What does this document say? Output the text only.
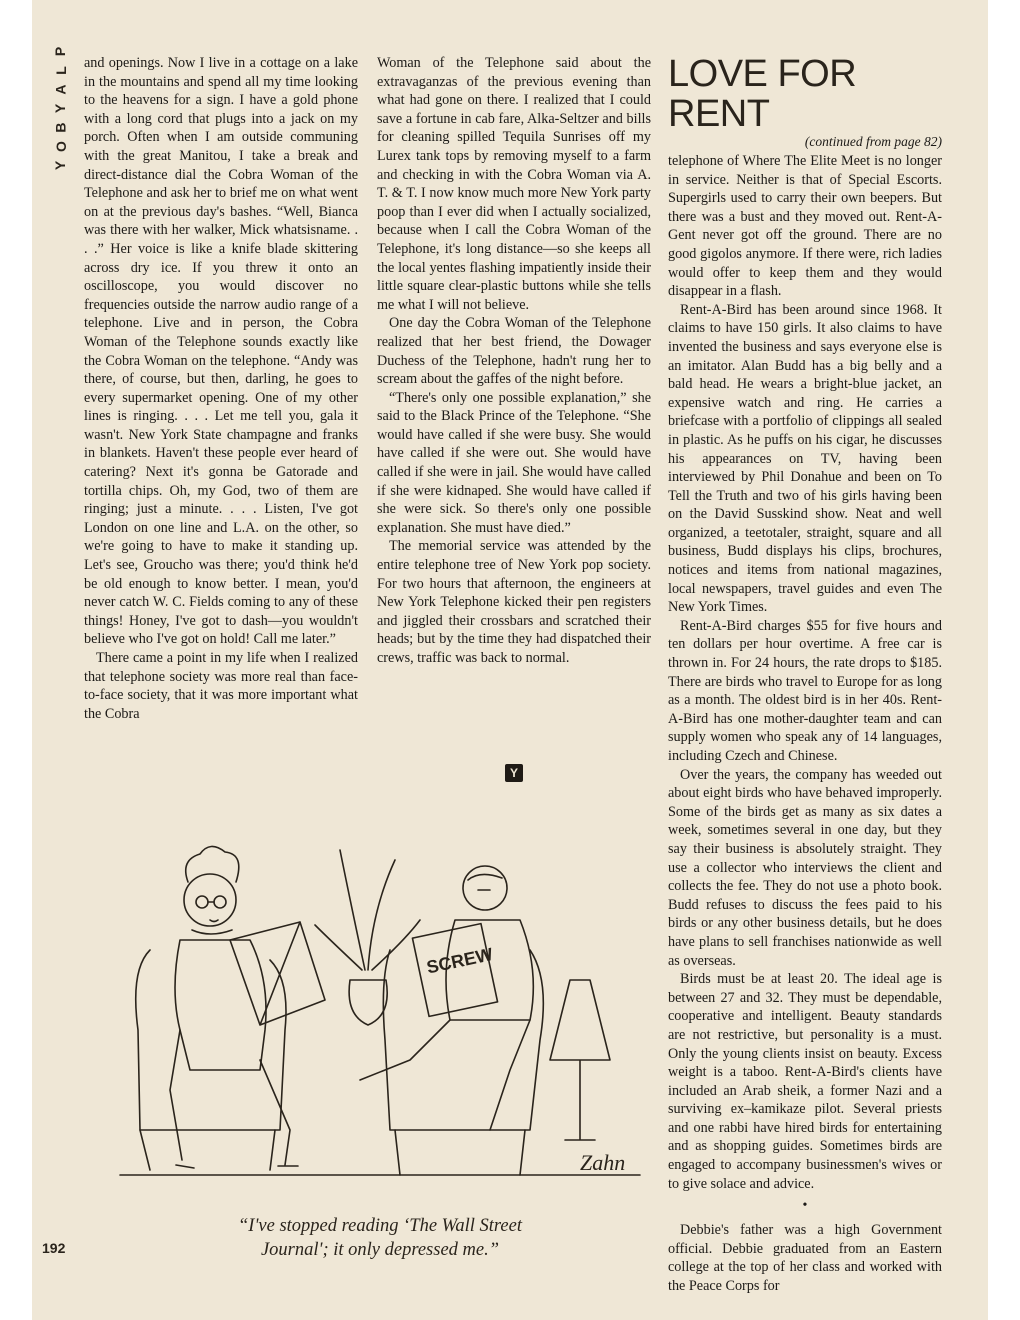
P
L
A
Y
B
O
Y

and openings. Now I live in a cottage on a lake in the mountains and spend all my time looking to the heavens for a sign. I have a gold phone with a long cord that plugs into a jack on my porch. Often when I am outside communing with the great Manitou, I take a break and direct-distance dial the Cobra Woman of the Telephone and ask her to brief me on what went on at the previous day's bashes. “Well, Bianca was there with her walker, Mick whatsisname. . . .” Her voice is like a knife blade skittering across dry ice. If you threw it onto an oscilloscope, you would discover no frequencies outside the narrow audio range of a telephone. Live and in person, the Cobra Woman of the Telephone sounds exactly like the Cobra Woman on the telephone. “Andy was there, of course, but then, darling, he goes to every supermarket opening. One of my other lines is ringing. . . . Let me tell you, gala it wasn't. New York State champagne and franks in blankets. Haven't these people ever heard of catering? Next it's gonna be Gatorade and tortilla chips. Oh, my God, two of them are ringing; just a minute. . . . Listen, I've got London on one line and L.A. on the other, so we're going to have to make it standing up. Let's see, Groucho was there; you'd think he'd be old enough to know better. I mean, you'd never catch W. C. Fields coming to any of these things! Honey, I've got to dash—you wouldn't believe who I've got on hold! Call me later.”

There came a point in my life when I realized that telephone society was more real than face-to-face society, that it was more important what the Cobra

Woman of the Telephone said about the extravaganzas of the previous evening than what had gone on there. I realized that I could save a fortune in cab fare, Alka-Seltzer and bills for cleaning spilled Tequila Sunrises off my Lurex tank tops by removing myself to a farm and checking in with the Cobra Woman via A. T. & T. I now know much more New York party poop than I ever did when I actually socialized, because when I call the Cobra Woman of the Telephone, it's long distance—so she keeps all the local yentes flashing impatiently inside their little square clear-plastic buttons while she tells me what I will not believe.

One day the Cobra Woman of the Telephone realized that her best friend, the Dowager Duchess of the Telephone, hadn't rung her to scream about the gaffes of the night before.

“There's only one possible explanation,” she said to the Black Prince of the Telephone. “She would have called if she were busy. She would have called if she were out. She would have called if she were in jail. She would have called if she were kidnaped. She would have called if she were sick. So there's only one possible explanation. She must have died.”

The memorial service was attended by the entire telephone tree of New York pop society. For two hours that afternoon, the engineers at New York Telephone kicked their pen registers and jiggled their crossbars and scratched their heads; but by the time they had dispatched their crews, traffic was back to normal.

Y
LOVE FOR RENT
(continued from page 82)

telephone of Where The Elite Meet is no longer in service. Neither is that of Special Escorts. Supergirls used to carry their own beepers. But there was a bust and they moved out. Rent-A-Gent never got off the ground. There are no good gigolos anymore. If there were, rich ladies would offer to keep them and they would disappear in a flash.

Rent-A-Bird has been around since 1968. It claims to have 150 girls. It also claims to have invented the business and says everyone else is an imitator. Alan Budd has a big belly and a bald head. He wears a bright-blue jacket, an expensive watch and ring. He carries a briefcase with a portfolio of clippings all sealed in plastic. As he puffs on his cigar, he discusses his appearances on TV, having been interviewed by Phil Donahue and been on To Tell the Truth and two of his girls having been on the David Susskind show. Neat and well organized, a teetotaler, straight, square and all business, Budd displays his clips, brochures, notices and items from national magazines, local newspapers, travel guides and even The New York Times.

Rent-A-Bird charges $55 for five hours and ten dollars per hour overtime. A free car is thrown in. For 24 hours, the rate drops to $185. There are birds who travel to Europe for as long as a month. The oldest bird is in her 40s. Rent-A-Bird has one mother-daughter team and can supply women who speak any of 14 languages, including Czech and Chinese.

Over the years, the company has weeded out about eight birds who have behaved improperly. Some of the birds get as many as six dates a week, sometimes several in one day, but they say their business is absolutely straight. They use a collector who interviews the client and collects the fee. They do not use a photo book. Budd refuses to discuss the fees paid to his birds or any other business details, but he does have plans to sell franchises nationwide as well as overseas.

Birds must be at least 20. The ideal age is between 27 and 32. They must be dependable, cooperative and intelligent. Beauty standards are not restrictive, but personality is a must. Only the young clients insist on beauty. Excess weight is a taboo. Rent-A-Bird's clients have included an Arab sheik, a former Nazi and a surviving ex–kamikaze pilot. Several priests and one rabbi have hired birds for entertaining and as shopping guides. Sometimes birds are engaged to accompany businessmen's wives or to give solace and advice.

•

Debbie's father was a high Government official. Debbie graduated from an Eastern college at the top of her class and worked with the Peace Corps for

SCREW
Zahn
“I've stopped reading ‘The Wall Street
Journal'; it only depressed me.”
192
